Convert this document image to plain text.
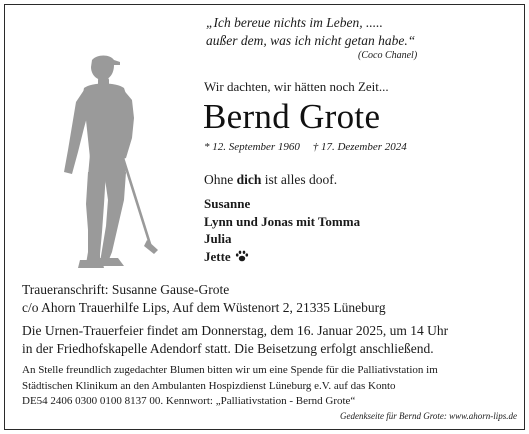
„Ich bereue nichts im Leben, .....
außer dem, was ich nicht getan habe.“
(Coco Chanel)
Wir dachten, wir hätten noch Zeit...
Bernd Grote
* 12. September 1960 † 17. Dezember 2024
Ohne dich ist alles doof.
Susanne
Lynn und Jonas mit Tomma
Julia
Jette
Traueranschrift: Susanne Gause-Grote
c/o Ahorn Trauerhilfe Lips, Auf dem Wüstenort 2, 21335 Lüneburg
Die Urnen-Trauerfeier findet am Donnerstag, dem 16. Januar 2025, um 14 Uhr
in der Friedhofskapelle Adendorf statt. Die Beisetzung erfolgt anschließend.
An Stelle freundlich zugedachter Blumen bitten wir um eine Spende für die Palliativstation im
Städtischen Klinikum an den Ambulanten Hospizdienst Lüneburg e.V. auf das Konto
DE54 2406 0300 0100 8137 00. Kennwort: „Palliativstation - Bernd Grote“
Gedenkseite für Bernd Grote: www.ahorn-lips.de
